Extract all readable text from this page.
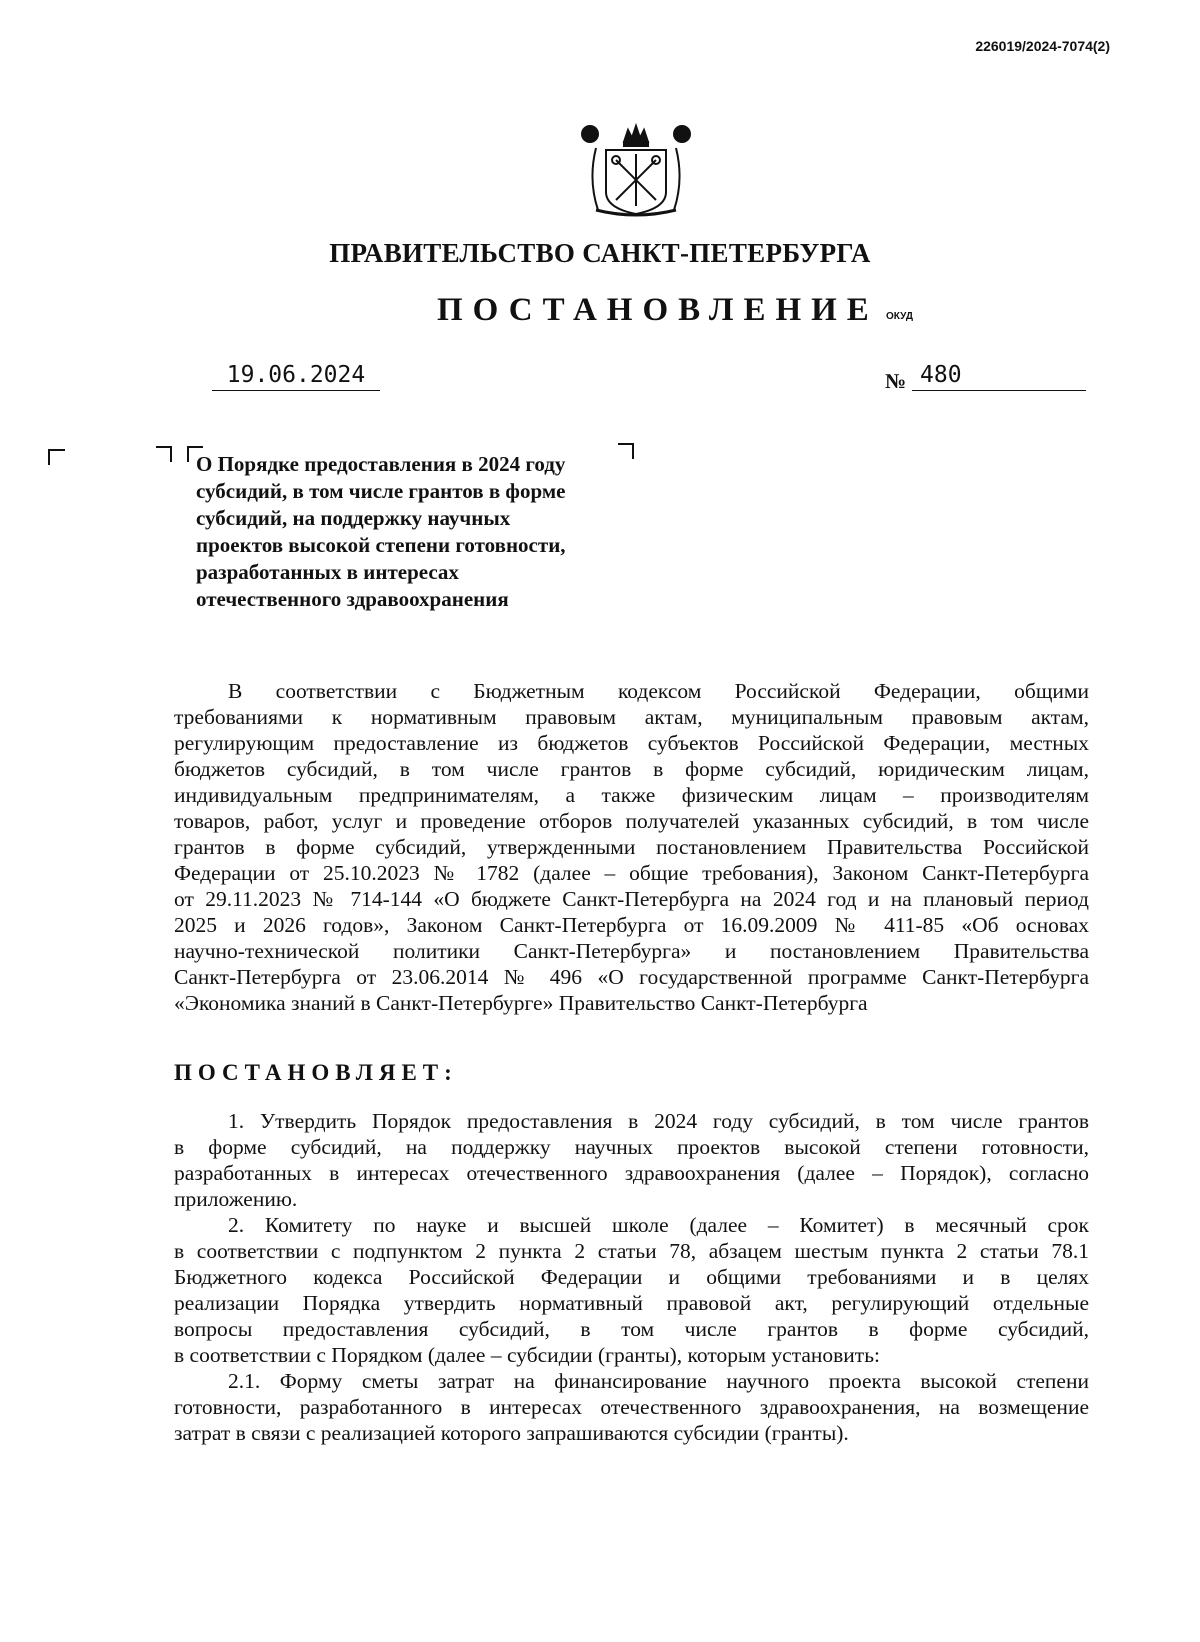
226019/2024-7074(2)
ПРАВИТЕЛЬСТВО САНКТ-ПЕТЕРБУРГА
ПОСТАНОВЛЕНИЕ ОКУД
19.06.2024	№ 480
О Порядке предоставления в 2024 году
субсидий, в том числе грантов в форме
субсидий, на поддержку научных
проектов высокой степени готовности,
разработанных в интересах
отечественного здравоохранения
В соответствии с Бюджетным кодексом Российской Федерации, общими
требованиями к нормативным правовым актам, муниципальным правовым актам,
регулирующим предоставление из бюджетов субъектов Российской Федерации, местных
бюджетов субсидий, в том числе грантов в форме субсидий, юридическим лицам,
индивидуальным предпринимателям, а также физическим лицам – производителям
товаров, работ, услуг и проведение отборов получателей указанных субсидий, в том числе
грантов в форме субсидий, утвержденными постановлением Правительства Российской
Федерации от 25.10.2023 № 1782 (далее – общие требования), Законом Санкт-Петербурга
от 29.11.2023 № 714-144 «О бюджете Санкт-Петербурга на 2024 год и на плановый период
2025 и 2026 годов», Законом Санкт-Петербурга от 16.09.2009 № 411-85 «Об основах
научно-технической политики Санкт-Петербурга» и постановлением Правительства
Санкт-Петербурга от 23.06.2014 № 496 «О государственной программе Санкт-Петербурга
«Экономика знаний в Санкт-Петербурге» Правительство Санкт-Петербурга
ПОСТАНОВЛЯЕТ:
1. Утвердить Порядок предоставления в 2024 году субсидий, в том числе грантов
в форме субсидий, на поддержку научных проектов высокой степени готовности,
разработанных в интересах отечественного здравоохранения (далее – Порядок), согласно
приложению.
2. Комитету по науке и высшей школе (далее – Комитет) в месячный срок
в соответствии с подпунктом 2 пункта 2 статьи 78, абзацем шестым пункта 2 статьи 78.1
Бюджетного кодекса Российской Федерации и общими требованиями и в целях
реализации Порядка утвердить нормативный правовой акт, регулирующий отдельные
вопросы предоставления субсидий, в том числе грантов в форме субсидий,
в соответствии с Порядком (далее – субсидии (гранты), которым установить:
2.1. Форму сметы затрат на финансирование научного проекта высокой степени
готовности, разработанного в интересах отечественного здравоохранения, на возмещение
затрат в связи с реализацией которого запрашиваются субсидии (гранты).
